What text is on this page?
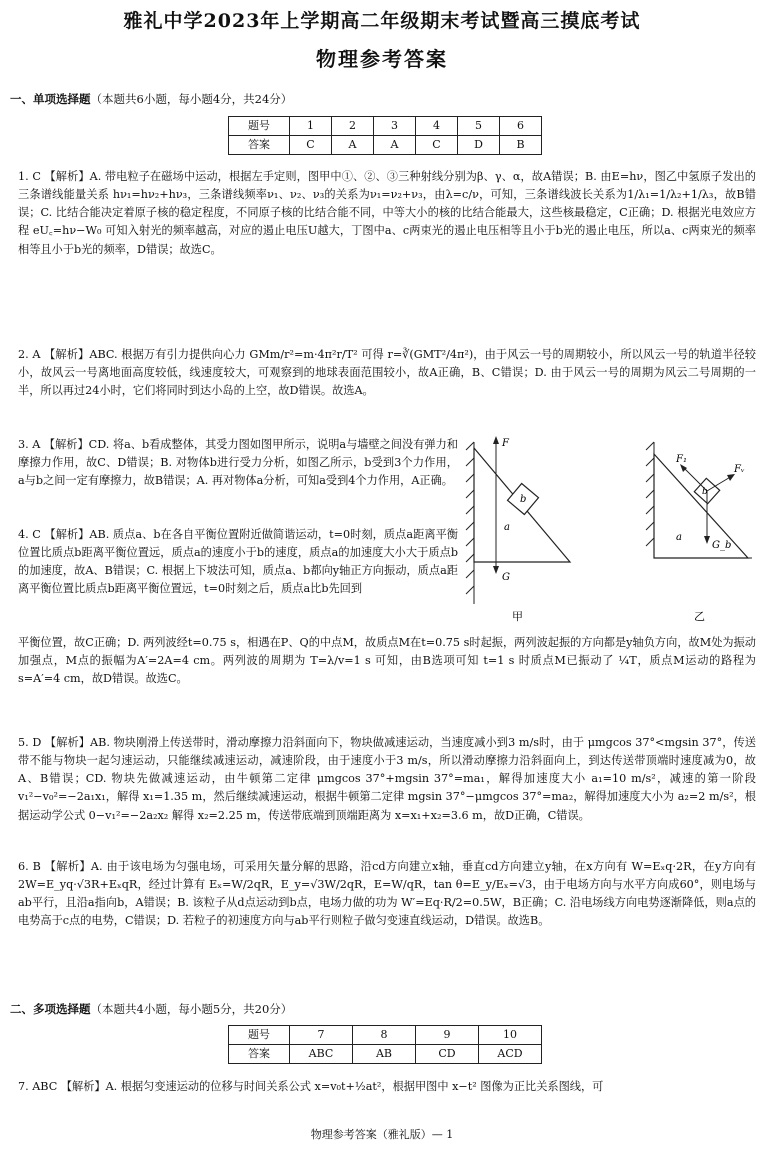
雅礼中学2023年上学期高二年级期末考试暨高三摸底考试
物理参考答案
一、单项选择题（本题共6小题，每小题4分，共24分）
题号	1	2	3	4	5	6
答案	C	A	A	C	D	B
1. C 【解析】A. 带电粒子在磁场中运动，根据左手定则，图甲中①、②、③三种射线分别为β、γ、α，故A错误；B. 由E=hν，图乙中氢原子发出的三条谱线能量关系 hν₁=hν₂+hν₃，三条谱线频率ν₁、ν₂、ν₃的关系为ν₁=ν₂+ν₃，由λ=c/ν，可知，三条谱线波长关系为1/λ₁=1/λ₂+1/λ₃，故B错误；C. 比结合能决定着原子核的稳定程度，不同原子核的比结合能不同，中等大小的核的比结合能最大，这些核最稳定，C正确；D. 根据光电效应方程 eU꜀=hν−W₀ 可知入射光的频率越高，对应的遏止电压U越大，丁图中a、c两束光的遏止电压相等且小于b光的遏止电压，所以a、c两束光的频率相等且小于b光的频率，D错误；故选C。
2. A 【解析】ABC. 根据万有引力提供向心力 GMm/r²=m·4π²r/T² 可得 r=∛(GMT²/4π²)，由于风云一号的周期较小，所以风云一号的轨道半径较小，故风云一号离地面高度较低，线速度较大，可观察到的地球表面范围较小，故A正确，B、C错误；D. 由于风云一号的周期为风云二号周期的一半，所以再过24小时，它们将同时到达小岛的上空，故D错误。故选A。
3. A 【解析】CD. 将a、b看成整体，其受力图如图甲所示，说明a与墙壁之间没有弹力和摩擦力作用，故C、D错误；B. 对物体b进行受力分析，如图乙所示，b受到3个力作用，a与b之间一定有摩擦力，故B错误；A. 再对物体a分析，可知a受到4个力作用，A正确。
4. C 【解析】AB. 质点a、b在各自平衡位置附近做简谐运动，t=0时刻，质点a距离平衡位置比质点b距离平衡位置远，质点a的速度小于b的速度，质点a的加速度大小大于质点b的加速度，故A、B错误；C. 根据上下坡法可知，质点a、b都向y轴正方向振动，质点a距离平衡位置比质点b距离平衡位置远，t=0时刻之后，质点a比b先回到
平衡位置，故C正确；D. 两列波经t=0.75 s，相遇在P、Q的中点M，故质点M在t=0.75 s时起振，两列波起振的方向都是y轴负方向，故M处为振动加强点，M点的振幅为A′=2A=4 cm。两列波的周期为 T=λ/v=1 s 可知，由B选项可知 t=1 s 时质点M已振动了 ¼T，质点M运动的路程为 s=A′=4 cm，故D错误。故选C。
5. D 【解析】AB. 物块刚滑上传送带时，滑动摩擦力沿斜面向下，物块做减速运动，当速度减小到3 m/s时，由于 μmgcos 37°<mgsin 37°，传送带不能与物块一起匀速运动，只能继续减速运动，减速阶段，由于速度小于3 m/s，所以滑动摩擦力沿斜面向上，到达传送带顶端时速度减为0，故A、B错误；CD. 物块先做减速运动，由牛顿第二定律 μmgcos 37°+mgsin 37°=ma₁，解得加速度大小 a₁=10 m/s²，减速的第一阶段 v₁²−v₀²=−2a₁x₁，解得 x₁=1.35 m，然后继续减速运动，根据牛顿第二定律 mgsin 37°−μmgcos 37°=ma₂，解得加速度大小为 a₂=2 m/s²，根据运动学公式 0−v₁²=−2a₂x₂ 解得 x₂=2.25 m，传送带底端到顶端距离为 x=x₁+x₂=3.6 m，故D正确，C错误。
6. B 【解析】A. 由于该电场为匀强电场，可采用矢量分解的思路，沿cd方向建立x轴，垂直cd方向建立y轴，在x方向有 W=Eₓq·2R，在y方向有 2W=E_yq·√3R+EₓqR，经过计算有 Eₓ=W/2qR，E_y=√3W/2qR，E=W/qR，tan θ=E_y/Eₓ=√3，由于电场方向与水平方向成60°，则电场与ab平行，且沿a指向b，A错误；B. 该粒子从d点运动到b点，电场力做的功为 W′=Eq·R/2=0.5W，B正确；C. 沿电场线方向电势逐渐降低，则a点的电势高于c点的电势，C错误；D. 若粒子的初速度方向与ab平行则粒子做匀变速直线运动，D错误。故选B。
二、多项选择题（本题共4小题，每小题5分，共20分）
题号	7	8	9	10
答案	ABC	AB	CD	ACD
7. ABC 【解析】A. 根据匀变速运动的位移与时间关系公式 x=v₀t+½at²，根据甲图中 x−t² 图像为正比关系图线，可
F
b
a
G
甲
F₁
b
Fᵥ
a
G_b
乙
物理参考答案（雅礼版）— 1
